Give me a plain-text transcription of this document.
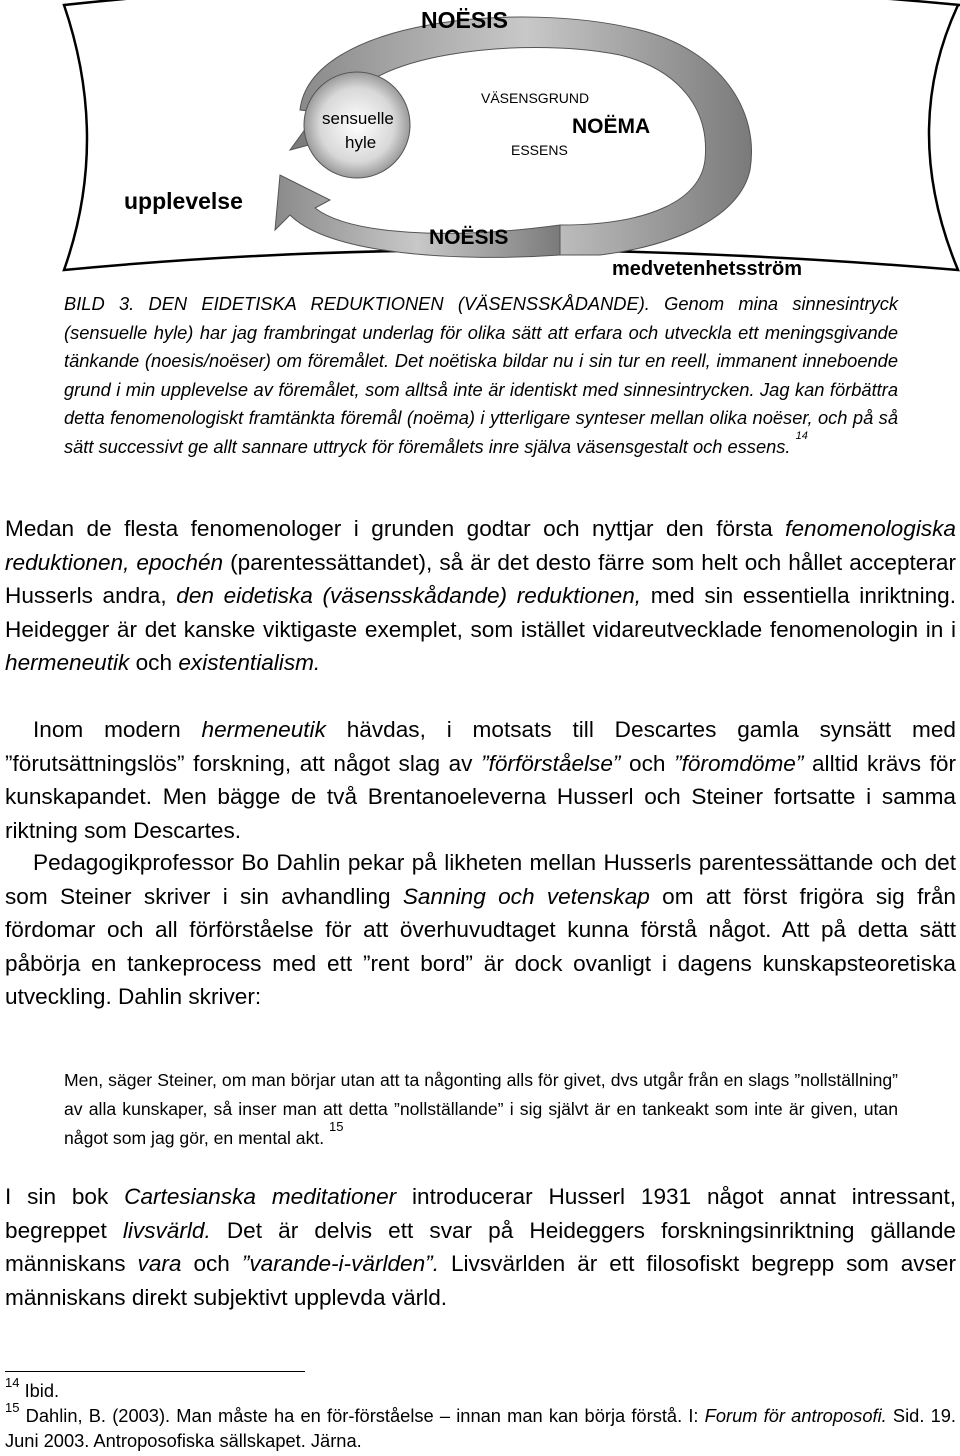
NOËSIS
VÄSENSGRUND
NOËMA
ESSENS
sensuelle
hyle
upplevelse
NOËSIS
medvetenhetsström
BILD 3. DEN EIDETISKA REDUKTIONEN (VÄSENSSKÅDANDE). Genom mina sinnesintryck (sensuelle hyle) har jag frambringat underlag för olika sätt att erfara och utveckla ett meningsgivande tänkande (noesis/noëser) om föremålet. Det noëtiska bildar nu i sin tur en reell, immanent inneboende grund i min upplevelse av föremålet, som alltså inte är identiskt med sinnesintrycken. Jag kan förbättra detta fenomenologiskt framtänkta föremål (noëma) i ytterligare synteser mellan olika noëser, och på så sätt successivt ge allt sannare uttryck för föremålets inre själva väsensgestalt och essens. $^{14}$
Medan de flesta fenomenologer i grunden godtar och nyttjar den första fenomenologiska reduktionen, epochén (parentessättandet), så är det desto färre som helt och hållet accepterar Husserls andra, den eidetiska (väsensskådande) reduktionen, med sin essentiella inriktning. Heidegger är det kanske viktigaste exemplet, som istället vidareutvecklade fenomenologin in i hermeneutik och existentialism.
Inom modern hermeneutik hävdas, i motsats till Descartes gamla synsätt med ”förutsättningslös” forskning, att något slag av ”förförståelse” och ”föromdöme” alltid krävs för kunskapandet. Men bägge de två Brentanoeleverna Husserl och Steiner fortsatte i samma riktning som Descartes.
Pedagogikprofessor Bo Dahlin pekar på likheten mellan Husserls parentessättande och det som Steiner skriver i sin avhandling Sanning och vetenskap om att först frigöra sig från fördomar och all förförståelse för att överhuvudtaget kunna förstå något. Att på detta sätt påbörja en tankeprocess med ett ”rent bord” är dock ovanligt i dagens kunskapsteoretiska utveckling. Dahlin skriver:
Men, säger Steiner, om man börjar utan att ta någonting alls för givet, dvs utgår från en slags ”nollställning” av alla kunskaper, så inser man att detta ”nollställande” i sig självt är en tankeakt som inte är given, utan något som jag gör, en mental akt. $^{15}$
I sin bok Cartesianska meditationer introducerar Husserl 1931 något annat intressant, begreppet livsvärld. Det är delvis ett svar på Heideggers forskningsinriktning gällande människans vara och ”varande-i-världen”. Livsvärlden är ett filosofiskt begrepp som avser människans direkt subjektivt upplevda värld.
$^{14}$ Ibid.
$^{15}$ Dahlin, B. (2003). Man måste ha en för-förståelse – innan man kan börja förstå. I: Forum för antroposofi. Sid. 19. Juni 2003. Antroposofiska sällskapet. Järna.
